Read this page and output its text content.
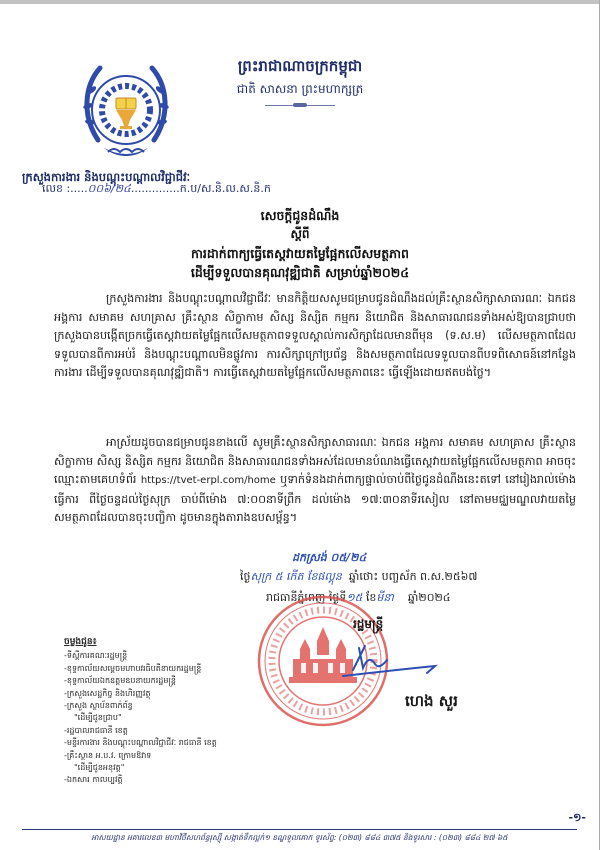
ព្រះរាជាណាចក្រកម្ពុជា
ជាតិ សាសនា ព្រះមហាក្សត្រ
ក្រសួងការងារ និងបណ្តុះបណ្តាលវិជ្ជាជីវៈ
លេខ :.....០០៦/២៤..............ក.ប/ស.និ.ល.ស.និ.ក
សេចក្តីជូនដំណឹង
ស្តីពី
ការដាក់ពាក្យធ្វើតេស្តវាយតម្លៃផ្អែកលើសមត្ថភាព
ដើម្បីទទួលបានគុណវុឌ្ឍិជាតិ សម្រាប់ឆ្នាំ២០២៤
ក្រសួងការងារ និងបណ្តុះបណ្តាលវិជ្ជាជីវៈ មានកិត្តិយសសូមជម្រាបជូនដំណឹងដល់គ្រឹះស្ថានសិក្សាសាធារណៈ ឯកជន អង្គការ សមាគម សហគ្រាស គ្រឹះស្ថាន សិក្ខាកាម សិស្ស និស្សិត កម្មករ និយោជិត និងសាធារណជនទាំងអស់ឱ្យបានជ្រាបថា ក្រសួងបានបង្កើតច្រកធ្វើតេស្តវាយតម្លៃផ្អែកលើសមត្ថភាពទទួលស្គាល់ការសិក្សាដែលមានពីមុន (ទ.ស.ម) លើសមត្ថភាពដែលទទួលបានពីការអប់រំ និងបណ្តុះបណ្តាលមិនផ្លូវការ ការសិក្សាក្រៅប្រព័ន្ធ និងសមត្ថភាពដែលទទួលបានពីបទពិសោធន៍នៅកន្លែងការងារ ដើម្បីទទួលបានគុណវុឌ្ឍិជាតិ។ ការធ្វើតេស្តវាយតម្លៃផ្អែកលើសមត្ថភាពនេះ ធ្វើឡើងដោយឥតបង់ថ្លៃ។
អាស្រ័យដូចបានជម្រាបជូនខាងលើ សូមគ្រឹះស្ថានសិក្សាសាធារណៈ ឯកជន អង្គការ សមាគម សហគ្រាស គ្រឹះស្ថាន សិក្ខាកាម សិស្ស និស្សិត កម្មករ និយោជិត និងសាធារណជនទាំងអស់ដែលមានបំណងធ្វើតេស្តវាយតម្លៃផ្អែកលើសមត្ថភាព អាចចុះឈ្មោះតាមគេហទំព័រ https://tvet-erpl.com/home ឬទាក់ទំនងដាក់ពាក្យផ្ទាល់ចាប់ពីថ្ងៃជូនដំណឹងនេះតទៅ នៅរៀងរាល់ម៉ោងធ្វើការ ពីថ្ងៃចន្ទដល់ថ្ងៃសុក្រ ចាប់ពីម៉ោង ៧:០០នាទីព្រឹក ដល់ម៉ោង ១៧:៣០នាទីរសៀល នៅតាមមជ្ឈមណ្ឌលវាយតម្លៃសមត្ថភាពដែលបានចុះបញ្ជិកា ដូចមានក្នុងតារាងឧបសម្ព័ន្ធ។
ដកស្រង់ ០៥/២៤
ថ្ងៃសុក្រ ៥ កើត ខែផល្គុន ឆ្នាំថោះ បញ្ចស័ក ព.ស.២៥៦៧
រាជធានីភ្នំពេញ ថ្ងៃទី១៥ ខែមីនា ឆ្នាំ២០២៤
រដ្ឋមន្ត្រី
ហេង សួរ
ចម្លងជូន៖
-ទីស្តីការគណៈរដ្ឋមន្ត្រី
-ខុទ្ទកាល័យសម្តេចមហាបវរធិបតីនាយករដ្ឋមន្ត្រី
-ខុទ្ទកាល័យឯកឧត្តមឧបនាយករដ្ឋមន្ត្រី
-ក្រសួងសេដ្ឋកិច្ច និងហិរញ្ញវត្ថុ
-ក្រសួង ស្ថាប័នពាក់ព័ន្ធ
"ដើម្បីជូនជ្រាប"
-រដ្ឋបាលរាជធានី ខេត្ត
-មន្ទីរការងារ និងបណ្តុះបណ្តាលវិជ្ជាជីវៈ រាជធានី ខេត្ត
-គ្រឹះស្ថាន អ.ប.វ. ក្រោមឱវាទ
"ដើម្បីជូនអនុវត្ត"
-ឯកសារ កាលប្បវត្តិ
-១-
អាសយដ្ឋាន អគារលេខ៣ មហាវិថីសហព័ន្ធរុស្ស៊ី សង្កាត់ទឹកល្អក់១ ខណ្ឌទួលគោក ទូរស័ព្ទ: (០២៣) ៨៨៤ ៣៧៥ និងទូរសារ : (០២៣) ៨៨៤ ២៧ ៦៥
